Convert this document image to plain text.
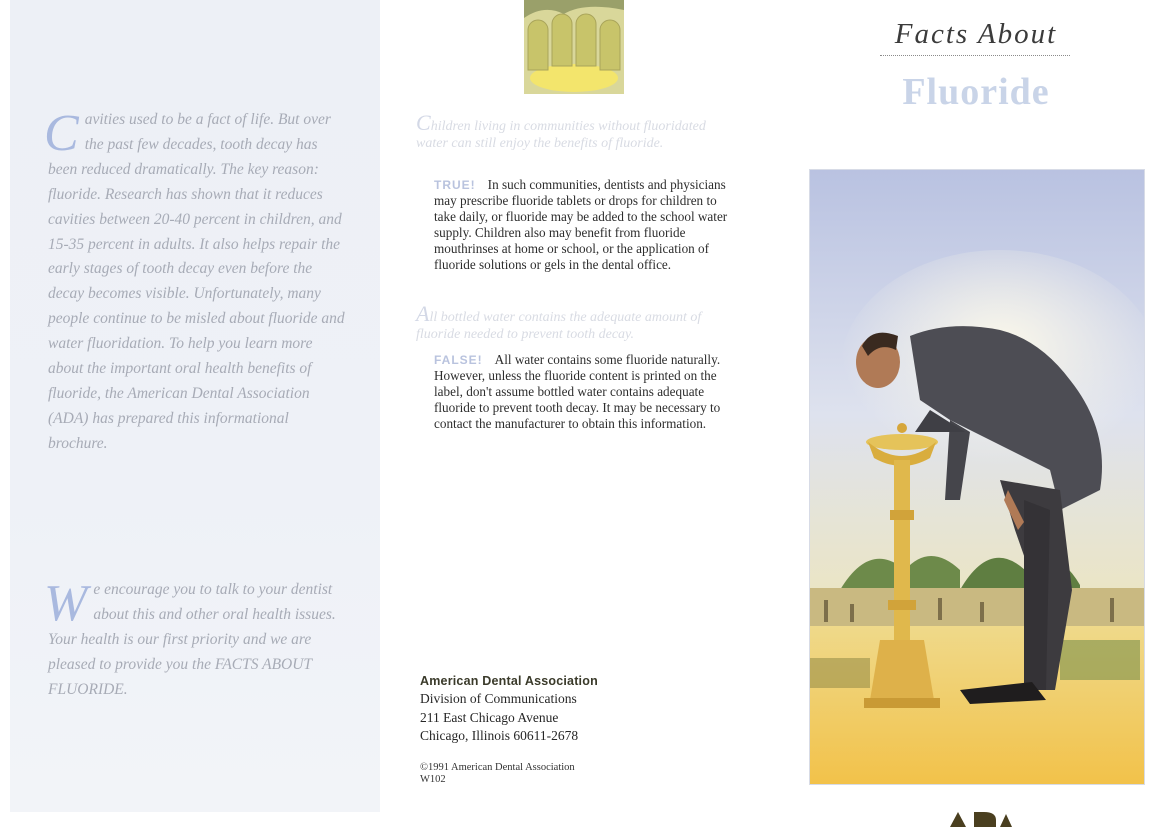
Cavities used to be a fact of life. But over the past few decades, tooth decay has been reduced dramatically. The key reason: fluoride. Research has shown that it reduces cavities between 20-40 percent in children, and 15-35 percent in adults. It also helps repair the early stages of tooth decay even before the decay becomes visible. Unfortunately, many people continue to be misled about fluoride and water fluoridation. To help you learn more about the important oral health benefits of fluoride, the American Dental Association (ADA) has prepared this informational brochure.
We encourage you to talk to your dentist about this and other oral health issues. Your health is our first priority and we are pleased to provide you the FACTS ABOUT FLUORIDE.
Children living in communities without fluoridated water can still enjoy the benefits of fluoride.
TRUE! In such communities, dentists and physicians may prescribe fluoride tablets or drops for children to take daily, or fluoride may be added to the school water supply. Children also may benefit from fluoride mouthrinses at home or school, or the application of fluoride solutions or gels in the dental office.
All bottled water contains the adequate amount of fluoride needed to prevent tooth decay.
FALSE! All water contains some fluoride naturally. However, unless the fluoride content is printed on the label, don't assume bottled water contains adequate fluoride to prevent tooth decay. It may be necessary to contact the manufacturer to obtain this information.
American Dental Association
Division of Communications
211 East Chicago Avenue
Chicago, Illinois 60611-2678
©1991 American Dental Association
W102
Facts About
Fluoride
